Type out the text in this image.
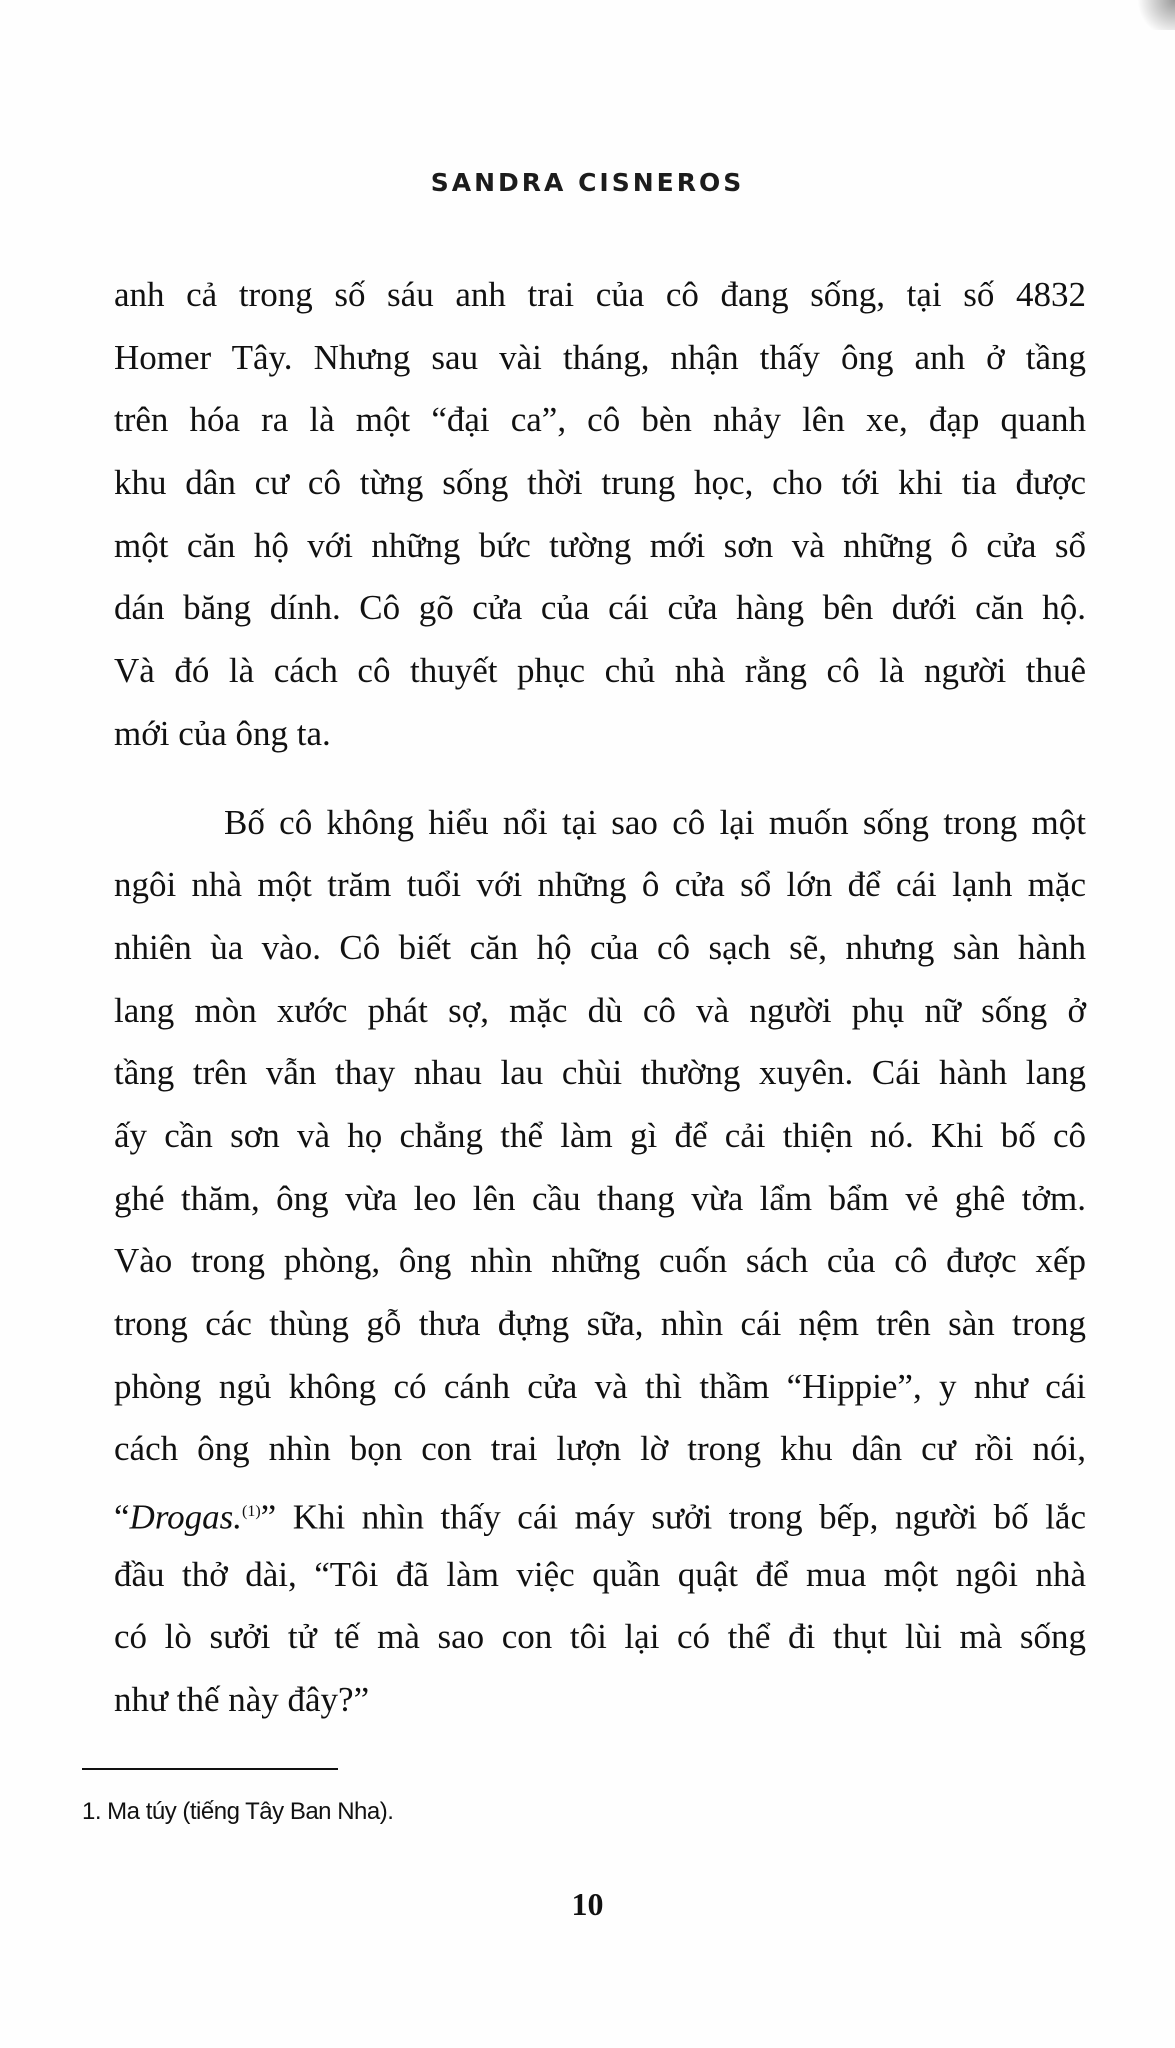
SANDRA CISNEROS
anh cả trong số sáu anh trai của cô đang sống, tại số 4832
Homer Tây. Nhưng sau vài tháng, nhận thấy ông anh ở tầng
trên hóa ra là một “đại ca”, cô bèn nhảy lên xe, đạp quanh
khu dân cư cô từng sống thời trung học, cho tới khi tia được
một căn hộ với những bức tường mới sơn và những ô cửa sổ
dán băng dính. Cô gõ cửa của cái cửa hàng bên dưới căn hộ.
Và đó là cách cô thuyết phục chủ nhà rằng cô là người thuê
mới của ông ta.
Bố cô không hiểu nổi tại sao cô lại muốn sống trong một
ngôi nhà một trăm tuổi với những ô cửa sổ lớn để cái lạnh mặc
nhiên ùa vào. Cô biết căn hộ của cô sạch sẽ, nhưng sàn hành
lang mòn xước phát sợ, mặc dù cô và người phụ nữ sống ở
tầng trên vẫn thay nhau lau chùi thường xuyên. Cái hành lang
ấy cần sơn và họ chẳng thể làm gì để cải thiện nó. Khi bố cô
ghé thăm, ông vừa leo lên cầu thang vừa lẩm bẩm vẻ ghê tởm.
Vào trong phòng, ông nhìn những cuốn sách của cô được xếp
trong các thùng gỗ thưa đựng sữa, nhìn cái nệm trên sàn trong
phòng ngủ không có cánh cửa và thì thầm “Hippie”, y như cái
cách ông nhìn bọn con trai lượn lờ trong khu dân cư rồi nói,
“Drogas.$^{(1)}$” Khi nhìn thấy cái máy sưởi trong bếp, người bố lắc
đầu thở dài, “Tôi đã làm việc quần quật để mua một ngôi nhà
có lò sưởi tử tế mà sao con tôi lại có thể đi thụt lùi mà sống
như thế này đây?”
1. Ma túy (tiếng Tây Ban Nha).
10
